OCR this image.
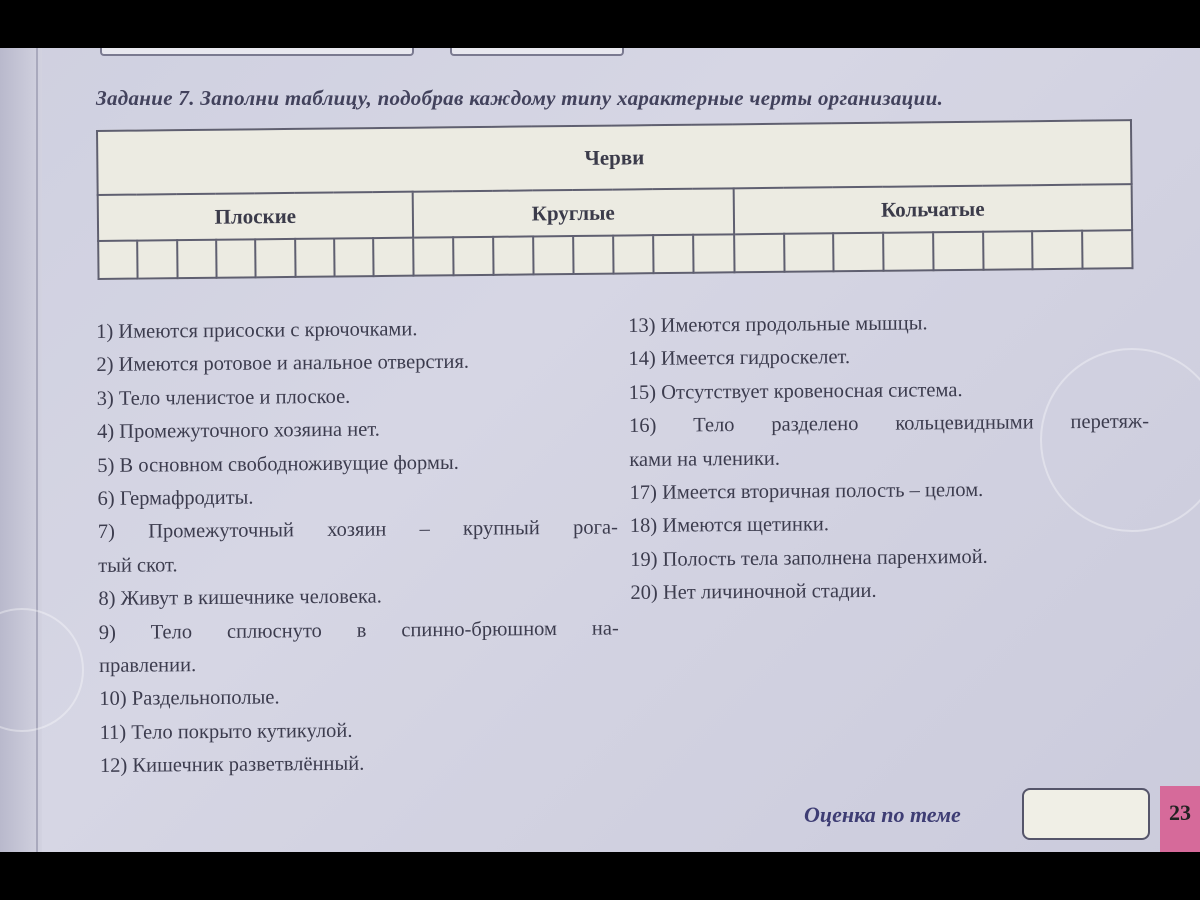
Задание 7. Заполни таблицу, подобрав каждому типу характерные черты организации.
Черви																							
Плоские								Круглые								Кольчатые							

1) Имеются присоски с крючочками.
2) Имеются ротовое и анальное отверстия.
3) Тело членистое и плоское.
4) Промежуточного хозяина нет.
5) В основном свободноживущие формы.
6) Гермафродиты.
7) Промежуточный хозяин – крупный рога-
тый скот.
8) Живут в кишечнике человека.
9) Тело сплюснуто в спинно-брюшном на-
правлении.
10) Раздельнополые.
11) Тело покрыто кутикулой.
12) Кишечник разветвлённый.
13) Имеются продольные мышцы.
14) Имеется гидроскелет.
15) Отсутствует кровеносная система.
16) Тело разделено кольцевидными перетяж-
ками на членики.
17) Имеется вторичная полость – целом.
18) Имеются щетинки.
19) Полость тела заполнена паренхимой.
20) Нет личиночной стадии.
Оценка по теме	23
